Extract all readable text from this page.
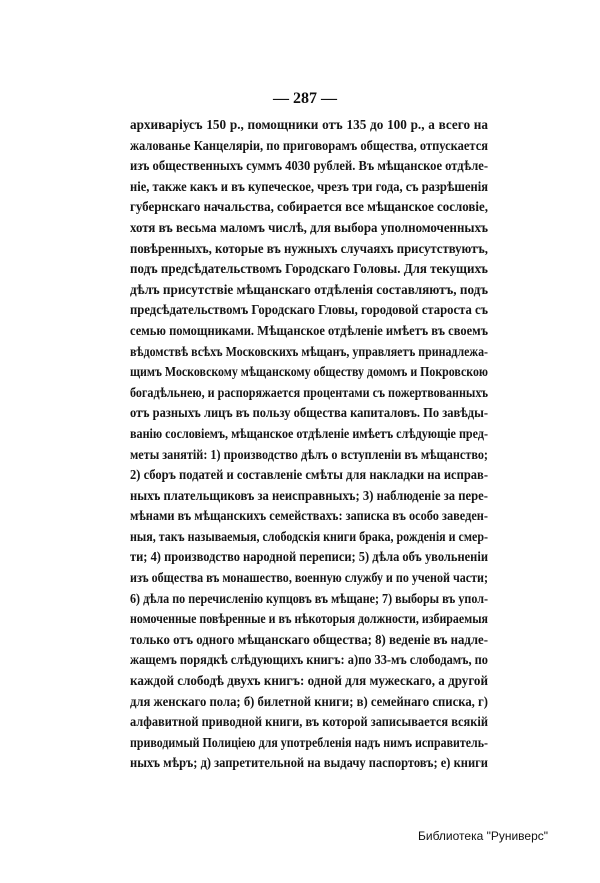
— 287 —
архиваріусъ 150 р., помощники отъ 135 до 100 р., а всего на
жалованье Канцеляріи, по приговорамъ общества, отпускается
изъ общественныхъ суммъ 4030 рублей. Въ мѣщанское отдѣле-
ніе, также какъ и въ купеческое, чрезъ три года, съ разрѣшенія
губернскаго начальства, собирается все мѣщанское сословіе,
хотя въ весьма маломъ числѣ, для выбора уполномоченныхъ
повѣренныхъ, которые въ нужныхъ случаяхъ присутствуютъ,
подъ предсѣдательствомъ Городскаго Головы. Для текущихъ
дѣлъ присутствіе мѣщанскаго отдѣленія составляютъ, подъ
предсѣдательствомъ Городскаго Гловы, городовой староста съ
семью помощниками. Мѣщанское отдѣленіе имѣетъ въ своемъ
вѣдомствѣ всѣхъ Московскихъ мѣщанъ, управляетъ принадлежа-
щимъ Московскому мѣщанскому обществу домомъ и Покровскою
богадѣльнею, и распоряжается процентами съ пожертвованныхъ
отъ разныхъ лицъ въ пользу общества капиталовъ. По завѣды-
ванію сословіемъ, мѣщанское отдѣленіе имѣетъ слѣдующіе пред-
меты занятій: 1) производство дѣлъ о вступленіи въ мѣщанство;
2) сборъ податей и составленіе смѣты для накладки на исправ-
ныхъ плательщиковъ за неисправныхъ; 3) наблюденіе за пере-
мѣнами въ мѣщанскихъ семействахъ: записка въ особо заведен-
ныя, такъ называемыя, слободскія книги брака, рожденія и смер-
ти; 4) производство народной переписи; 5) дѣла объ увольненіи
изъ общества въ монашество, военную службу и по ученой части;
6) дѣла по перечисленію купцовъ въ мѣщане; 7) выборы въ упол-
номоченные повѣренные и въ нѣкоторыя должности, избираемыя
только отъ одного мѣщанскаго общества; 8) веденіе въ надле-
жащемъ порядкѣ слѣдующихъ книгъ: а)по 33-мъ слободамъ, по
каждой слободѣ двухъ книгъ: одной для мужескаго, а другой
для женскаго пола; б) билетной книги; в) семейнаго списка, г)
алфавитной приводной книги, въ которой записывается всякій
приводимый Полиціею для употребленія надъ нимъ исправитель-
ныхъ мѣръ; д) запретительной на выдачу паспортовъ; е) книги
Библиотека "Руниверс"
